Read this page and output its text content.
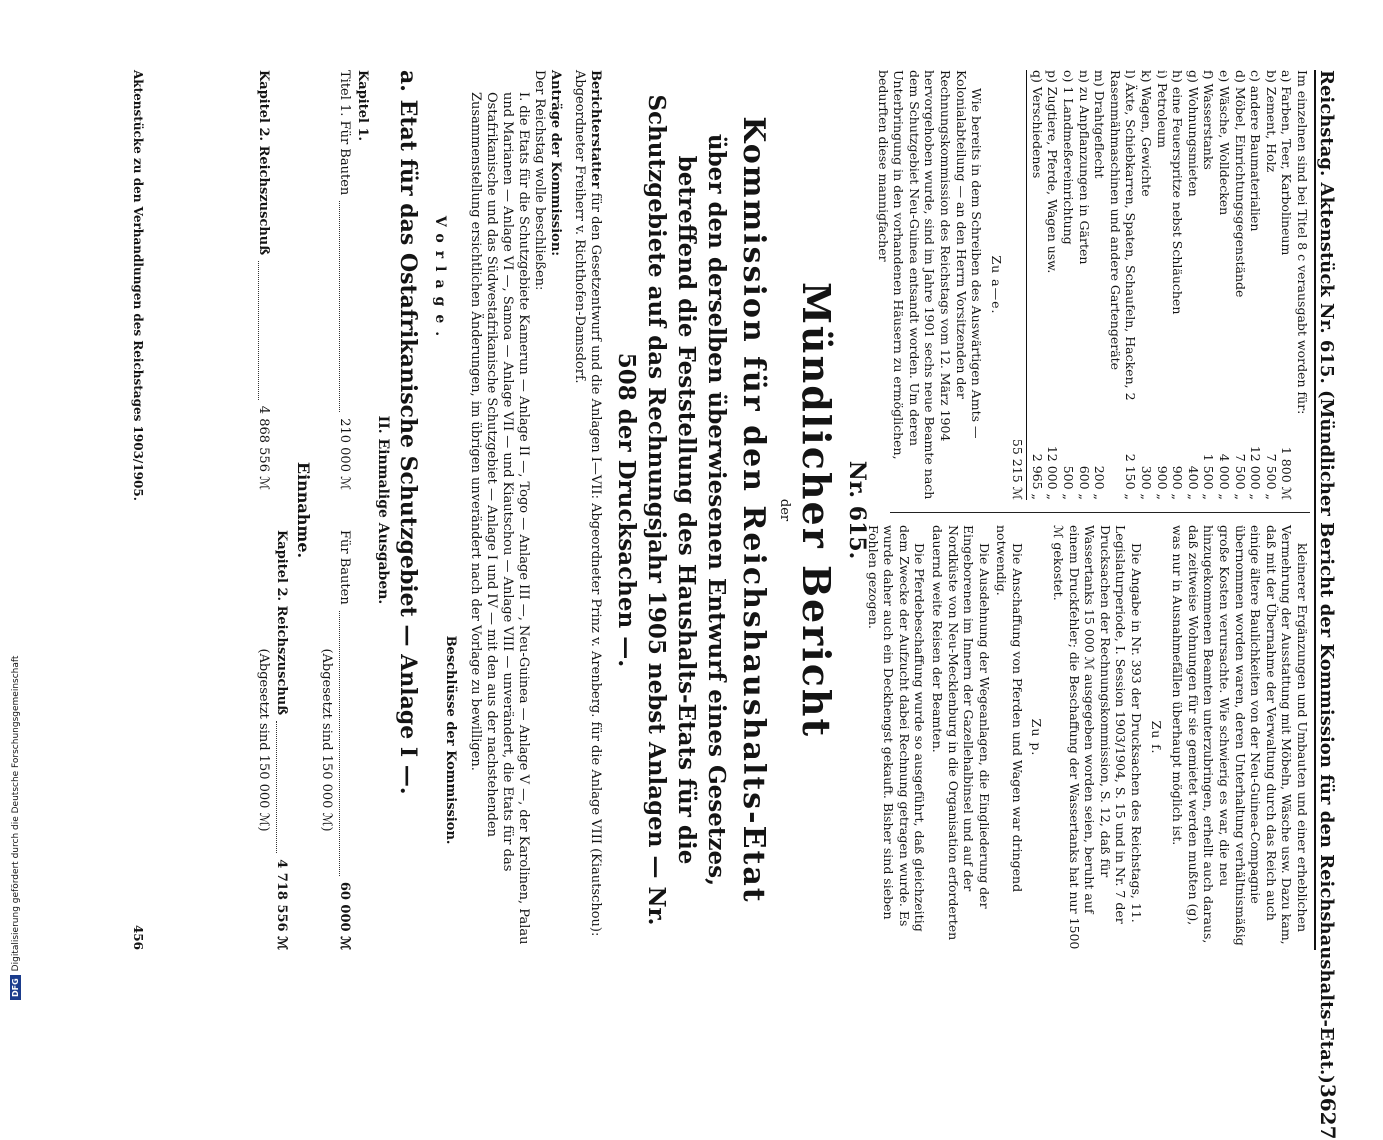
Reichstag. Aktenstück Nr. 615. (Mündlicher Bericht der Kommission für den Reichshaushalts-Etat.)
3627
Im einzelnen sind bei Titel 8 c verausgabt worden für:
a) Farben, Teer, Karbolineum
1 800 ℳ
b) Zement, Holz
7 500 „
c) andere Baumaterialien
12 000 „
d) Möbel, Einrichtungsgegenstände
7 500 „
e) Wäsche, Wolldecken
4 000 „
f) Wasserstanks
1 500 „
g) Wohnungsmieten
400 „
h) eine Feuerspritze nebst Schläuchen
900 „
i) Petroleum
900 „
k) Wagen, Gewichte
300 „
l) Äxte, Schiebkarren, Spaten, Schaufeln, Hacken, 2 Rasenmähmaschinen und andere Gartengeräte
2 150 „
m) Drahtgeflecht
200 „
n) zu Anpflanzungen in Gärten
600 „
o) 1 Landmeßereinrichtung
500 „
p) Zugtiere, Pferde, Wagen usw.
12 000 „
q) Verschiedenes
2 965 „
55 215 ℳ
Zu a—e.

Wie bereits in dem Schreiben des Auswärtigen Amts — Kolonialabteilung — an den Herrn Vorsitzenden der Rechnungskommission des Reichstags vom 12. März 1904 hervorgehoben wurde, sind im Jahre 1901 sechs neue Beamte nach dem Schutzgebiet Neu-Guinea entsandt worden. Um deren Unterbringung in den vorhandenen Häusern zu ermöglichen, bedurften diese mannigfacher

kleinerer Ergänzungen und Umbauten und einer erheblichen Vermehrung der Ausstattung mit Möbeln, Wäsche usw. Dazu kam, daß mit der Übernahme der Verwaltung durch das Reich auch einige ältere Baulichkeiten von der Neu-Guinea-Compagnie übernommen worden waren, deren Unterhaltung verhältnismäßig große Kosten verursachte. Wie schwierig es war, die neu hinzugekommenen Beamten unterzubringen, erhellt auch daraus, daß zeitweise Wohnungen für sie gemietet werden mußten (g), was nur in Ausnahmefällen überhaupt möglich ist.

Zu f.

Die Angabe in Nr. 393 der Drucksachen des Reichstags, 11. Legislaturperiode, I. Session 1903/1904, S. 15 und in Nr. 7 der Drucksachen der Rechnungskommission, S. 12, daß für Wassertanks 15 000 ℳ ausgegeben worden seien, beruht auf einem Druckfehler; die Beschaffung der Wassertanks hat nur 1500 ℳ gekostet.

Zu p.

Die Anschaffung von Pferden und Wagen war dringend notwendig.

Die Ausdehnung der Wegeanlagen, die Eingliederung der Eingeborenen im Innern der Gazellehalbinsel und auf der Nordküste von Neu-Mecklenburg in die Organisation erforderten dauernd weite Reisen der Beamten.

Die Pferdebeschaffung wurde so ausgeführt, daß gleichzeitig dem Zwecke der Aufzucht dabei Rechnung getragen wurde. Es wurde daher auch ein Deckhengst gekauft. Bisher sind sieben Fohlen gezogen.

Nr. 615.
Mündlicher Bericht
der
Kommission für den Reichshaushalts-Etat
über den derselben überwiesenen Entwurf eines Gesetzes, betreffend die Feststellung des Haushalts-Etats für die Schutzgebiete auf das Rechnungsjahr 1905 nebst Anlagen — Nr. 508 der Drucksachen —.
Berichterstatter für den Gesetzentwurf und die Anlagen I—VII: Abgeordneter Prinz v. Arenberg. für die Anlage VIII (Kiautschou): Abgeordneter Freiherr v. Richthofen-Damsdorf.
Anträge der Kommission:
Der Reichstag wolle beschließen:
I. die Etats für die Schutzgebiete Kamerun — Anlage II —, Togo — Anlage III —, Neu-Guinea — Anlage V —, der Karolinen, Palau und Marianen — Anlage VI —, Samoa — Anlage VII — und Kiautschou — Anlage VIII — unverändert, die Etats für das Ostafrikanische und das Südwestafrikanische Schutzgebiet — Anlage I und IV — mit den aus der nachstehenden Zusammenstellung ersichtlichen Änderungen, im übrigen unverändert nach der Vorlage zu bewilligen.
Vorlage.
Beschlüsse der Kommission.
a. Etat für das Ostafrikanische Schutzgebiet — Anlage I —.
II. Einmalige Ausgaben.
Kapitel 1.
Titel 1. Für Bauten
210 000 ℳ

Für Bauten
60 000 ℳ
(Abgesetzt sind 150 000 ℳ)
Einnahme.
Kapitel 2. Reichszuschuß
4 868 556 ℳ
Kapitel 2. Reichszuschuß
4 718 556 ℳ
(Abgesetzt sind 150 000 ℳ)
Aktenstücke zu den Verhandlungen des Reichstages 1903/1905.
456
DFG
Digitalisierung gefördert durch die Deutsche Forschungsgemeinschaft
